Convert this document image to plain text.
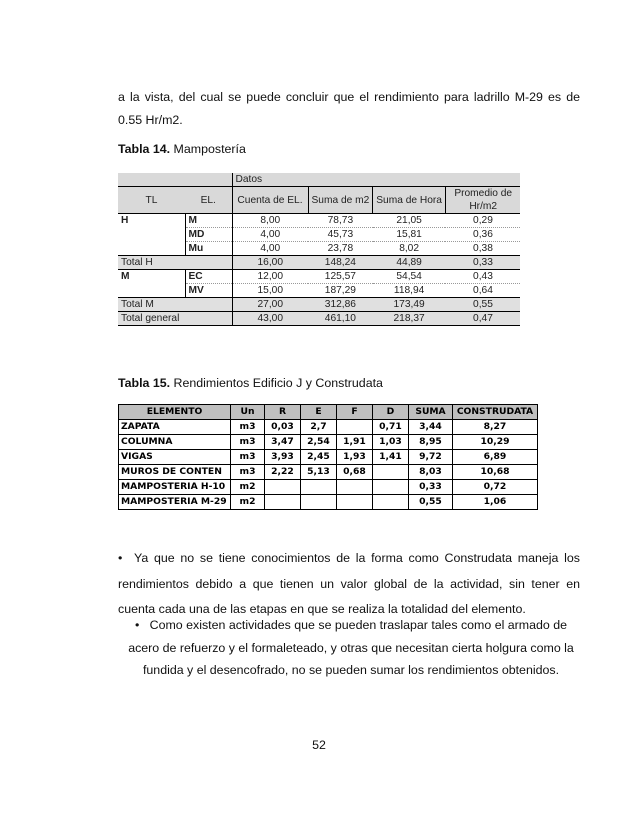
a la vista, del cual se puede concluir que el rendimiento para ladrillo M-29 es de
0.55 Hr/m2.
Tabla 14. Mampostería
		Datos			
TL	EL.	Cuenta de EL.	Suma de m2	Suma de Hora	Promedio de Hr/m2
H	M	8,00	78,73	21,05	0,29
	MD	4,00	45,73	15,81	0,36
	Mu	4,00	23,78	8,02	0,38
Total H		16,00	148,24	44,89	0,33
M	EC	12,00	125,57	54,54	0,43
	MV	15,00	187,29	118,94	0,64
Total M		27,00	312,86	173,49	0,55
Total general		43,00	461,10	218,37	0,47
Tabla 15. Rendimientos Edificio J y Construdata
ELEMENTO	Un	R	E	F	D	SUMA	CONSTRUDATA
ZAPATA	m3	0,03	2,7		0,71	3,44	8,27
COLUMNA	m3	3,47	2,54	1,91	1,03	8,95	10,29
VIGAS	m3	3,93	2,45	1,93	1,41	9,72	6,89
MUROS DE CONTEN	m3	2,22	5,13	0,68		8,03	10,68
MAMPOSTERIA H-10	m2					0,33	0,72
MAMPOSTERIA M-29	m2					0,55	1,06
• Ya que no se tiene conocimientos de la forma como Construdata maneja los rendimientos debido a que tienen un valor global de la actividad, sin tener en cuenta cada una de las etapas en que se realiza la totalidad del elemento.
• Como existen actividades que se pueden traslapar tales como el armado de acero de refuerzo y el formaleteado, y otras que necesitan cierta holgura como la fundida y el desencofrado, no se pueden sumar los rendimientos obtenidos.
52
